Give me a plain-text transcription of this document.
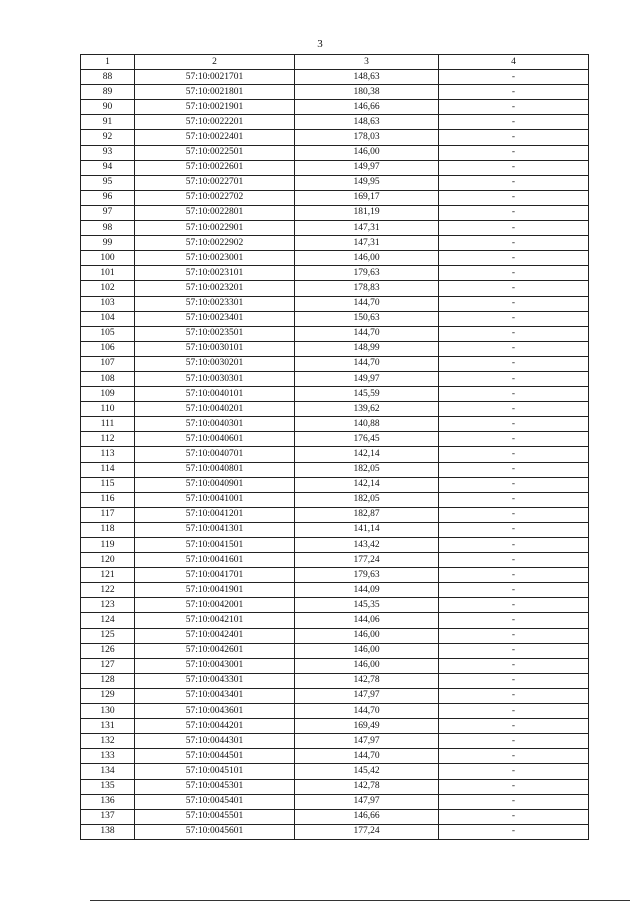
3
1	2	3	4
88	57:10:0021701	148,63	-
89	57:10:0021801	180,38	-
90	57:10:0021901	146,66	-
91	57:10:0022201	148,63	-
92	57:10:0022401	178,03	-
93	57:10:0022501	146,00	-
94	57:10:0022601	149,97	-
95	57:10:0022701	149,95	-
96	57:10:0022702	169,17	-
97	57:10:0022801	181,19	-
98	57:10:0022901	147,31	-
99	57:10:0022902	147,31	-
100	57:10:0023001	146,00	-
101	57:10:0023101	179,63	-
102	57:10:0023201	178,83	-
103	57:10:0023301	144,70	-
104	57:10:0023401	150,63	-
105	57:10:0023501	144,70	-
106	57:10:0030101	148,99	-
107	57:10:0030201	144,70	-
108	57:10:0030301	149,97	-
109	57:10:0040101	145,59	-
110	57:10:0040201	139,62	-
111	57:10:0040301	140,88	-
112	57:10:0040601	176,45	-
113	57:10:0040701	142,14	-
114	57:10:0040801	182,05	-
115	57:10:0040901	142,14	-
116	57:10:0041001	182,05	-
117	57:10:0041201	182,87	-
118	57:10:0041301	141,14	-
119	57:10:0041501	143,42	-
120	57:10:0041601	177,24	-
121	57:10:0041701	179,63	-
122	57:10:0041901	144,09	-
123	57:10:0042001	145,35	-
124	57:10:0042101	144,06	-
125	57:10:0042401	146,00	-
126	57:10:0042601	146,00	-
127	57:10:0043001	146,00	-
128	57:10:0043301	142,78	-
129	57:10:0043401	147,97	-
130	57:10:0043601	144,70	-
131	57:10:0044201	169,49	-
132	57:10:0044301	147,97	-
133	57:10:0044501	144,70	-
134	57:10:0045101	145,42	-
135	57:10:0045301	142,78	-
136	57:10:0045401	147,97	-
137	57:10:0045501	146,66	-
138	57:10:0045601	177,24	-
